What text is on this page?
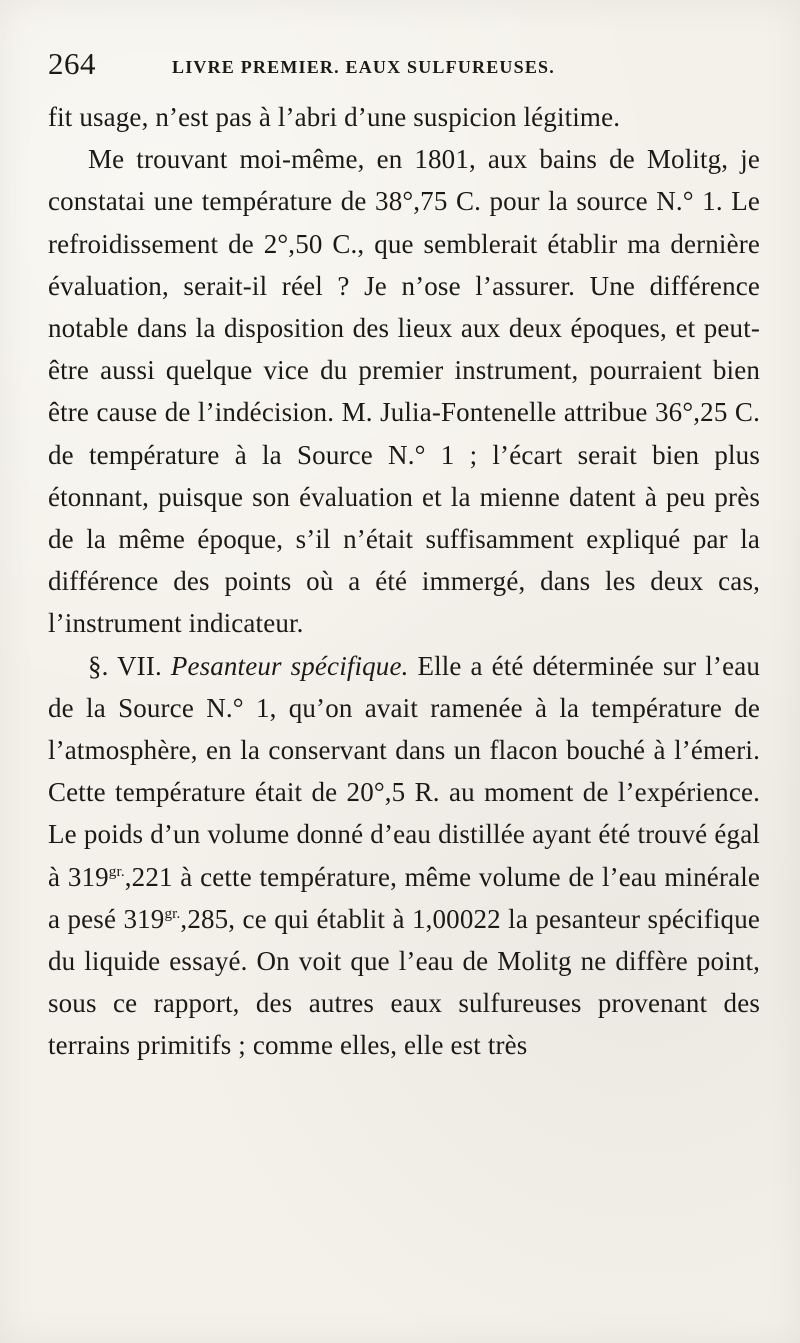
264	LIVRE PREMIER. EAUX SULFUREUSES.

fit usage, n’est pas à l’abri d’une suspicion légitime.

Me trouvant moi-même, en 1801, aux bains de Molitg, je constatai une température de 38°,75 C. pour la source N.° 1. Le refroidissement de 2°,50 C., que semblerait établir ma dernière évaluation, serait-il réel ? Je n’ose l’assurer. Une différence notable dans la disposition des lieux aux deux époques, et peut-être aussi quelque vice du premier instrument, pourraient bien être cause de l’indécision. M. Julia-Fontenelle attribue 36°,25 C. de température à la Source N.° 1 ; l’écart serait bien plus étonnant, puisque son évaluation et la mienne datent à peu près de la même époque, s’il n’était suffisamment expliqué par la différence des points où a été immergé, dans les deux cas, l’instrument indicateur.

§. VII. Pesanteur spécifique. Elle a été déterminée sur l’eau de la Source N.° 1, qu’on avait ramenée à la température de l’atmosphère, en la conservant dans un flacon bouché à l’émeri. Cette température était de 20°,5 R. au moment de l’expérience. Le poids d’un volume donné d’eau distillée ayant été trouvé égal à $319^{gr.},221$ à cette température, même volume de l’eau minérale a pesé $319^{gr.},285$, ce qui établit à 1,00022 la pesanteur spécifique du liquide essayé. On voit que l’eau de Molitg ne diffère point, sous ce rapport, des autres eaux sulfureuses provenant des terrains primitifs ; comme elles, elle est très
